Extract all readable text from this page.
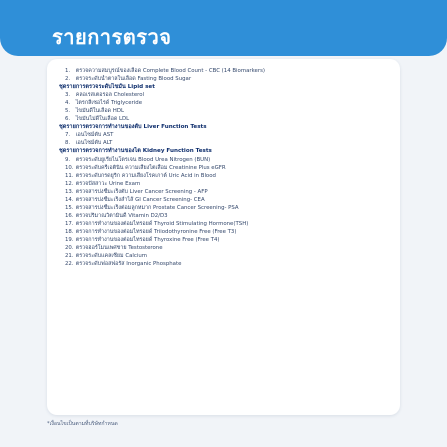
รายการตรวจ
1. ตรวจความสมบูรณ์ของเลือด Complete Blood Count - CBC (14 Biomarkers)
2. ตรวจระดับน้ำตาลในเลือด Fasting Blood Sugar
ชุดรายการตรวจระดับไขมัน Lipid set
3. คลอเรสเตอรอล Cholesterol
4. ไตรกลีเซอไรด์ Triglyceride
5. ไขมันดีในเลือด HDL
6. ไขมันไม่ดีในเลือด LDL
ชุดรายการตรวจการทำงานของตับ Liver Function Tests
7. เอนไซม์ตับ AST
8. เอนไซม์ตับ ALT
ชุดรายการตรวจการทำงานของไต Kidney Function Tests
9. ตรวจระดับยูเรียไนโตรเจน Blood Urea Nitrogen (BUN)
10. ตรวจระดับครีเอตินิน ความเสี่ยงไตเสื่อม Creatinine Plus eGFR
11. ตรวจระดับกรดยูริก ความเสี่ยงโรคเกาต์ Uric Acid in Blood
12. ตรวจปัสสาวะ Urine Exam
13. ตรวจสารบ่งชี้มะเร็งตับ Liver Cancer Screening - AFP
14. ตรวจสารบ่งชี้มะเร็งลำไส้ GI Cancer Screening- CEA
15. ตรวจสารบ่งชี้มะเร็งต่อมลูกหมาก Prostate Cancer Screening- PSA
16. ตรวจปริมาณวิตามินดี Vitamin D2/D3
17. ตรวจการทำงานของต่อมไทรอยด์ Thyroid Stimulating Hormone(TSH)
18. ตรวจการทำงานของต่อมไทรอยด์ Triiodothyronine Free (Free T3)
19. ตรวจการทำงานของต่อมไทรอยด์ Thyroxine Free (Free T4)
20. ตรวจฮอร์โมนเพศชาย Testosterone
21. ตรวจระดับแคลเซียม Calcium
22. ตรวจระดับฟอสฟอรัส Inorganic Phosphate

*เงื่อนไขเป็นตามที่บริษัทกำหนด
